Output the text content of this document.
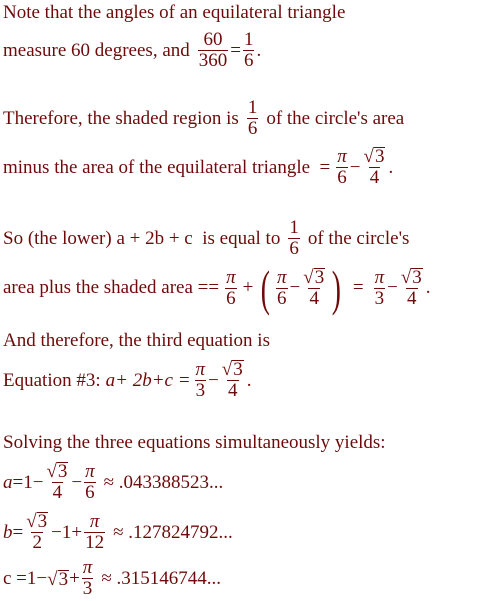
Note that the angles of an equilateral triangle
measure 60 degrees, and $\frac{60}{360} = \frac{1}{6}$ .
Therefore, the shaded region is $\frac{1}{6}$ of the circle's area
minus the area of the equilateral triangle
= $\frac{\pi}{6} - \frac{√ 3}{4}$ .
So (the lower) a + 2b + c  is equal to $\frac{1}{6}$ of the circle's
area plus the shaded area
== $\frac{\pi}{6}$ + ( $\frac{\pi}{6} - \frac{√ 3}{4}$ ) = $\frac{\pi}{3} - \frac{√ 3}{4}$ .
And therefore, the third equation is
Equation #3: $a+ 2b+c = \frac{\pi}{3} - \frac{√ 3}{4}$ .
Solving the three equations simultaneously yields:
$a =1- \frac{√ 3}{4} - \frac{\pi}{6} \approx .043388523$...
$b = \frac{√ 3}{2} -1+ \frac{\pi}{12} \approx .127824792$...
c =1− √ $3 + \frac{\pi}{3} \approx .315146744$...
